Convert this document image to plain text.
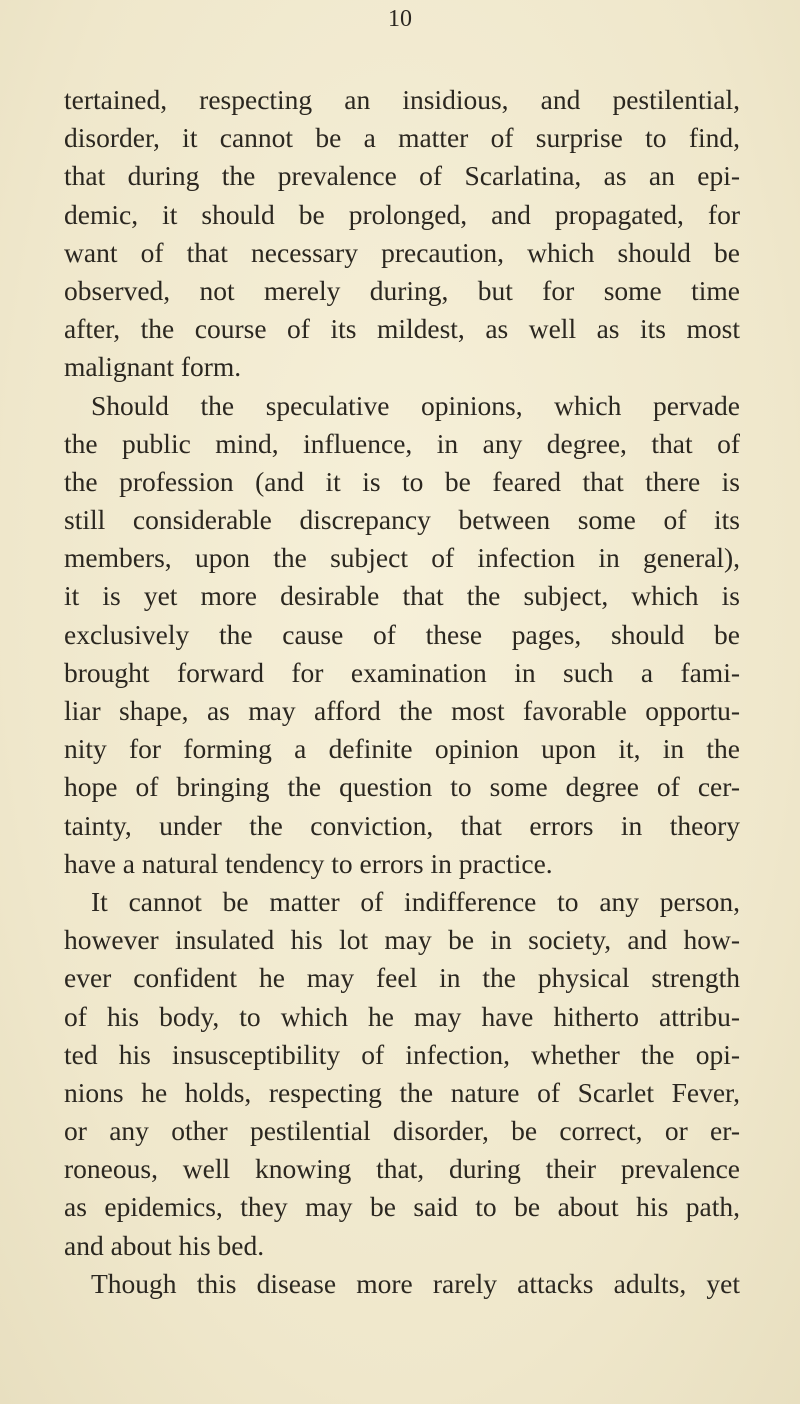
10
tertained, respecting an insidious, and pestilential,
disorder, it cannot be a matter of surprise to find,
that during the prevalence of Scarlatina, as an epi-
demic, it should be prolonged, and propagated, for
want of that necessary precaution, which should be
observed, not merely during, but for some time
after, the course of its mildest, as well as its most
malignant form.
Should the speculative opinions, which pervade
the public mind, influence, in any degree, that of
the profession (and it is to be feared that there is
still considerable discrepancy between some of its
members, upon the subject of infection in general),
it is yet more desirable that the subject, which is
exclusively the cause of these pages, should be
brought forward for examination in such a fami-
liar shape, as may afford the most favorable opportu-
nity for forming a definite opinion upon it, in the
hope of bringing the question to some degree of cer-
tainty, under the conviction, that errors in theory
have a natural tendency to errors in practice.
It cannot be matter of indifference to any person,
however insulated his lot may be in society, and how-
ever confident he may feel in the physical strength
of his body, to which he may have hitherto attribu-
ted his insusceptibility of infection, whether the opi-
nions he holds, respecting the nature of Scarlet Fever,
or any other pestilential disorder, be correct, or er-
roneous, well knowing that, during their prevalence
as epidemics, they may be said to be about his path,
and about his bed.
Though this disease more rarely attacks adults, yet
